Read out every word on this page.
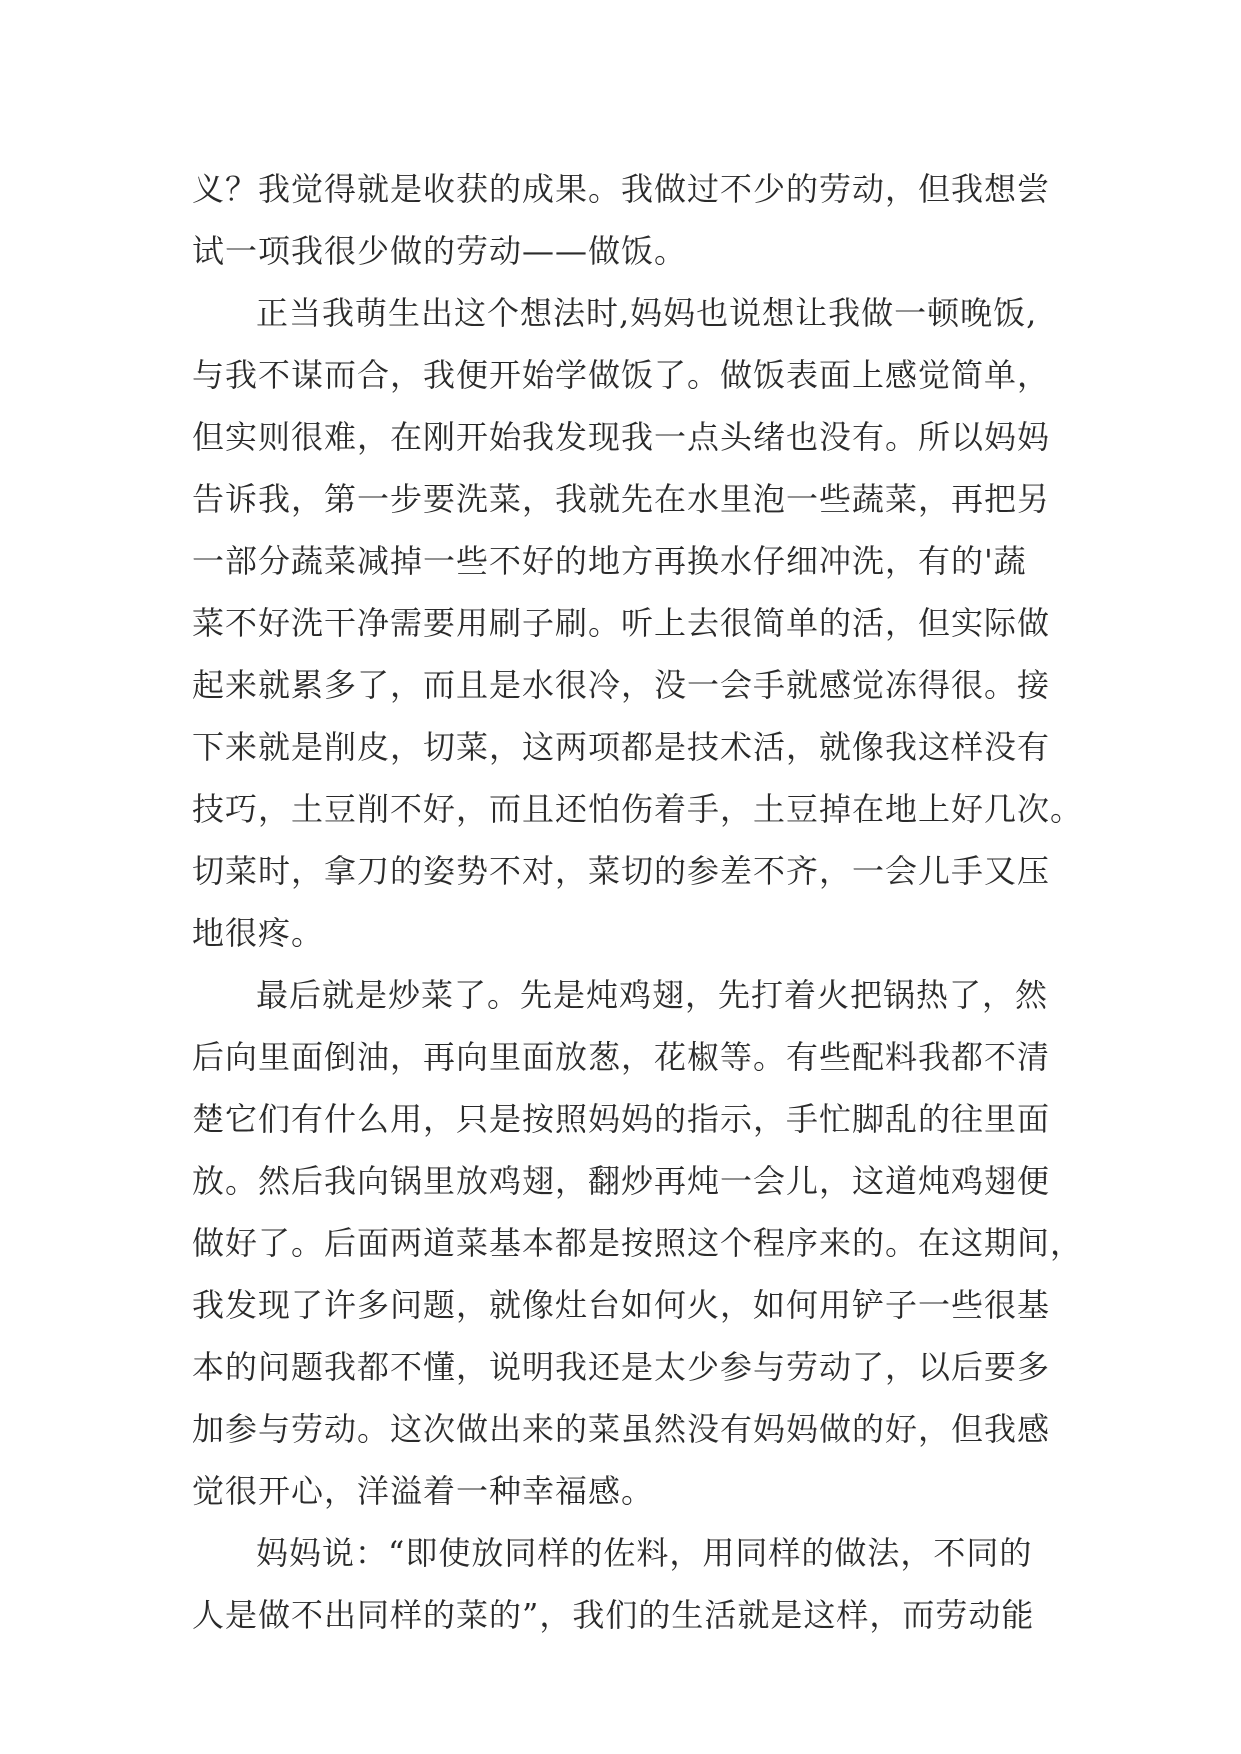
义？我觉得就是收获的成果。我做过不少的劳动，但我想尝
试一项我很少做的劳动——做饭。
正当我萌生出这个想法时,妈妈也说想让我做一顿晚饭,
与我不谋而合，我便开始学做饭了。做饭表面上感觉简单，
但实则很难，在刚开始我发现我一点头绪也没有。所以妈妈
告诉我，第一步要洗菜，我就先在水里泡一些蔬菜，再把另
一部分蔬菜减掉一些不好的地方再换水仔细冲洗，有的'蔬
菜不好洗干净需要用刷子刷。听上去很简单的活，但实际做
起来就累多了，而且是水很冷，没一会手就感觉冻得很。接
下来就是削皮，切菜，这两项都是技术活，就像我这样没有
技巧，土豆削不好，而且还怕伤着手，土豆掉在地上好几次。
切菜时，拿刀的姿势不对，菜切的参差不齐，一会儿手又压
地很疼。
最后就是炒菜了。先是炖鸡翅，先打着火把锅热了，然
后向里面倒油，再向里面放葱，花椒等。有些配料我都不清
楚它们有什么用，只是按照妈妈的指示，手忙脚乱的往里面
放。然后我向锅里放鸡翅，翻炒再炖一会儿，这道炖鸡翅便
做好了。后面两道菜基本都是按照这个程序来的。在这期间，
我发现了许多问题，就像灶台如何火，如何用铲子一些很基
本的问题我都不懂，说明我还是太少参与劳动了，以后要多
加参与劳动。这次做出来的菜虽然没有妈妈做的好，但我感
觉很开心，洋溢着一种幸福感。
妈妈说：“即使放同样的佐料，用同样的做法，不同的
人是做不出同样的菜的”，我们的生活就是这样，而劳动能
